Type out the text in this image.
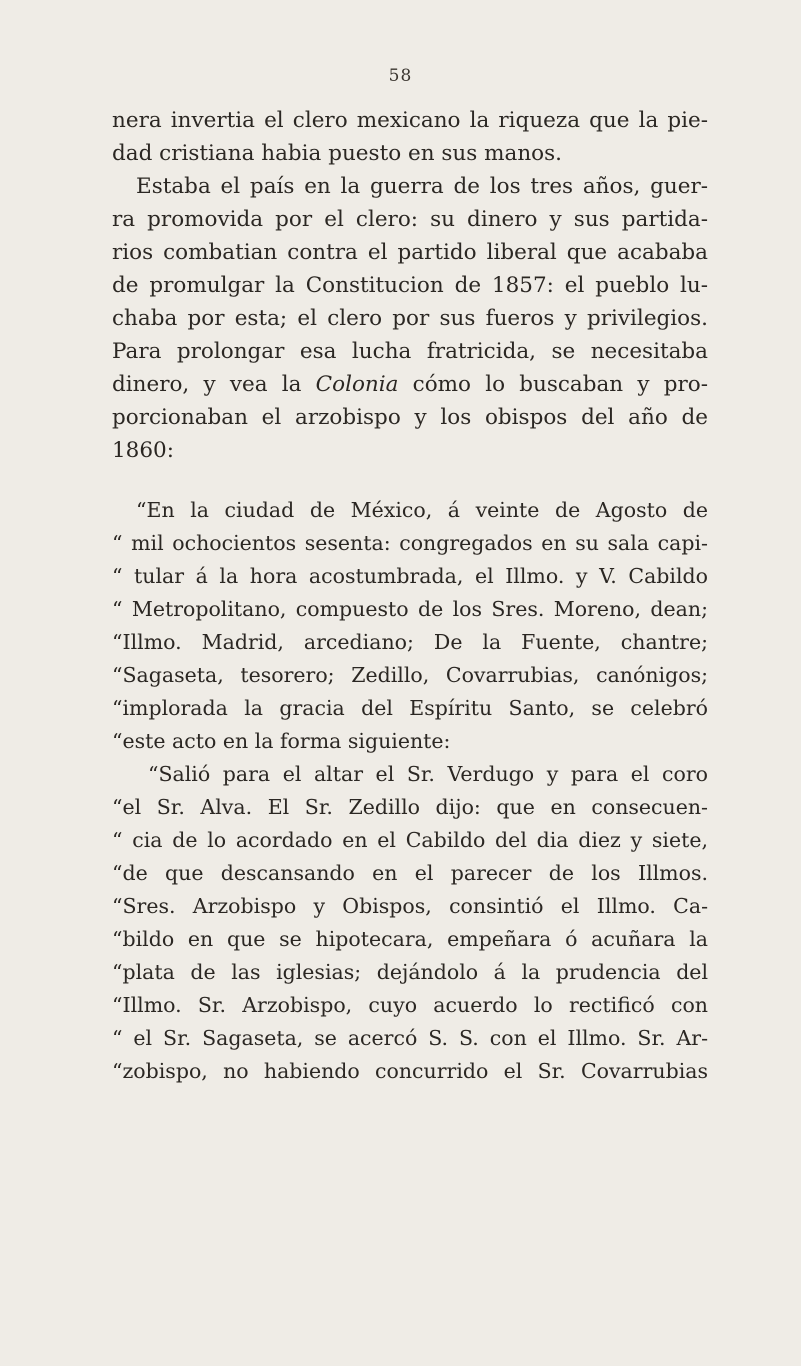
58
nera invertia el clero mexicano la riqueza que la pie-
dad cristiana habia puesto en sus manos.
Estaba el país en la guerra de los tres años, guer-
ra promovida por el clero: su dinero y sus partida-
rios combatian contra el partido liberal que acababa
de promulgar la Constitucion de 1857: el pueblo lu-
chaba por esta; el clero por sus fueros y privilegios.
Para prolongar esa lucha fratricida, se necesitaba
dinero, y vea la Colonia cómo lo buscaban y pro-
porcionaban el arzobispo y los obispos del año de
1860:
“En la ciudad de México, á veinte de Agosto de
“ mil ochocientos sesenta: congregados en su sala capi-
“ tular á la hora acostumbrada, el Illmo. y V. Cabildo
“ Metropolitano, compuesto de los Sres. Moreno, dean;
“Illmo. Madrid, arcediano; De la Fuente, chantre;
“Sagaseta, tesorero; Zedillo, Covarrubias, canónigos;
“implorada la gracia del Espíritu Santo, se celebró
“este acto en la forma siguiente:
“Salió para el altar el Sr. Verdugo y para el coro
“el Sr. Alva. El Sr. Zedillo dijo: que en consecuen-
“ cia de lo acordado en el Cabildo del dia diez y siete,
“de que descansando en el parecer de los Illmos.
“Sres. Arzobispo y Obispos, consintió el Illmo. Ca-
“bildo en que se hipotecara, empeñara ó acuñara la
“plata de las iglesias; dejándolo á la prudencia del
“Illmo. Sr. Arzobispo, cuyo acuerdo lo rectificó con
“ el Sr. Sagaseta, se acercó S. S. con el Illmo. Sr. Ar-
“zobispo, no habiendo concurrido el Sr. Covarrubias
